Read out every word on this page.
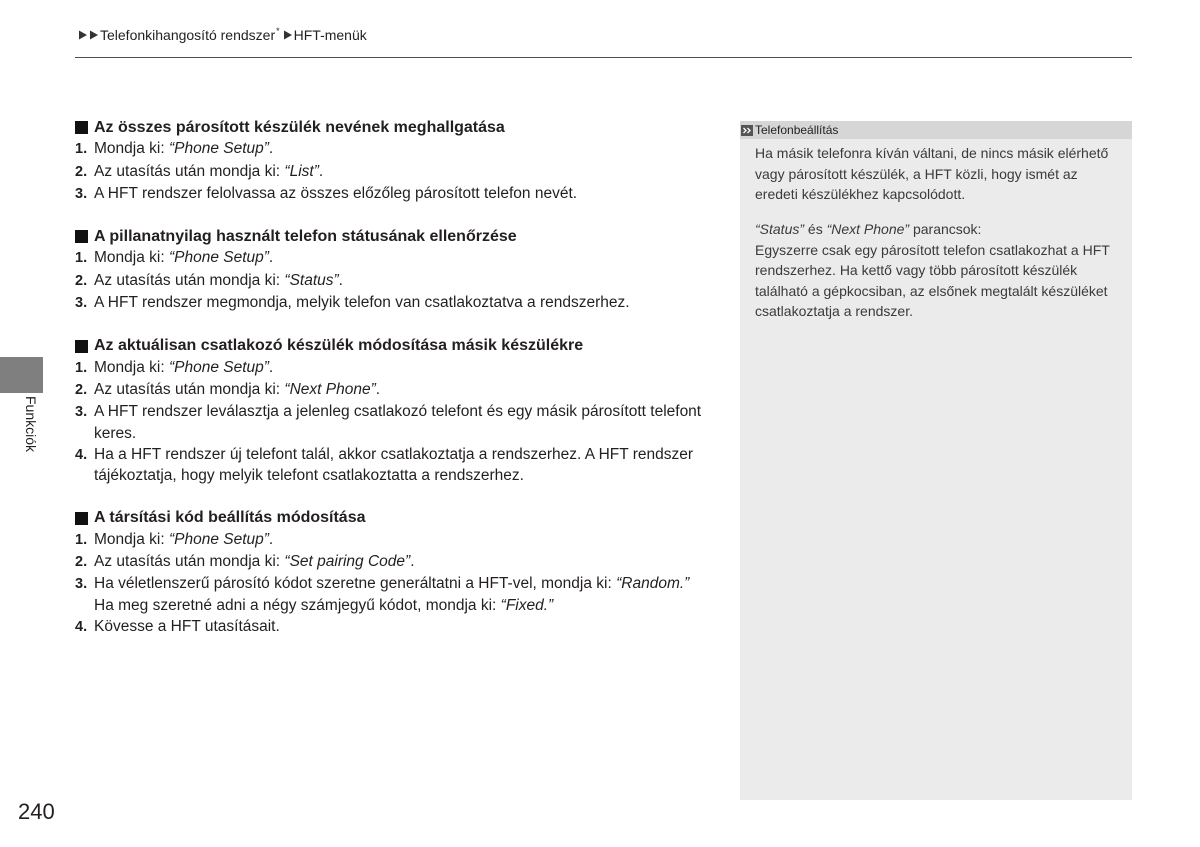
Telefonkihangosító rendszer * HFT-menük
Funkciók
Az összes párosított készülék nevének meghallgatása
1. Mondja ki: “Phone Setup”.
2. Az utasítás után mondja ki: “List”.
3. A HFT rendszer felolvassa az összes előzőleg párosított telefon nevét.
A pillanatnyilag használt telefon státusának ellenőrzése
1. Mondja ki: “Phone Setup”.
2. Az utasítás után mondja ki: “Status”.
3. A HFT rendszer megmondja, melyik telefon van csatlakoztatva a rendszerhez.
Az aktuálisan csatlakozó készülék módosítása másik készülékre
1. Mondja ki: “Phone Setup”.
2. Az utasítás után mondja ki: “Next Phone”.
3. A HFT rendszer leválasztja a jelenleg csatlakozó telefont és egy másik párosított telefont keres.
4. Ha a HFT rendszer új telefont talál, akkor csatlakoztatja a rendszerhez. A HFT rendszer tájékoztatja, hogy melyik telefont csatlakoztatta a rendszerhez.
A társítási kód beállítás módosítása
1. Mondja ki: “Phone Setup”.
2. Az utasítás után mondja ki: “Set pairing Code”.
3. Ha véletlenszerű párosító kódot szeretne generáltatni a HFT-vel, mondja ki: “Random.” Ha meg szeretné adni a négy számjegyű kódot, mondja ki: “Fixed.”
4. Kövesse a HFT utasításait.
Telefonbeállítás

Ha másik telefonra kíván váltani, de nincs másik elérhető vagy párosított készülék, a HFT közli, hogy ismét az eredeti készülékhez kapcsolódott.

“Status” és “Next Phone” parancsok:

Egyszerre csak egy párosított telefon csatlakozhat a HFT rendszerhez. Ha kettő vagy több párosított készülék található a gépkocsiban, az elsőnek megtalált készüléket csatlakoztatja a rendszer.

240
